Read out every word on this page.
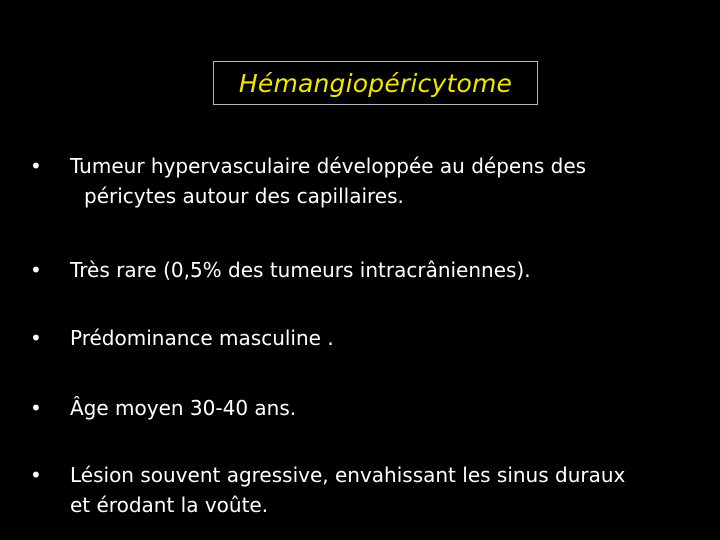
Hémangiopéricytome
•	Tumeur hypervasculaire développée au dépens des
péricytes autour des capillaires.
•	Très rare (0,5% des tumeurs intracrâniennes).
•	Prédominance masculine .
•	Âge moyen 30-40 ans.
•	Lésion souvent agressive, envahissant les sinus duraux
et érodant la voûte.
